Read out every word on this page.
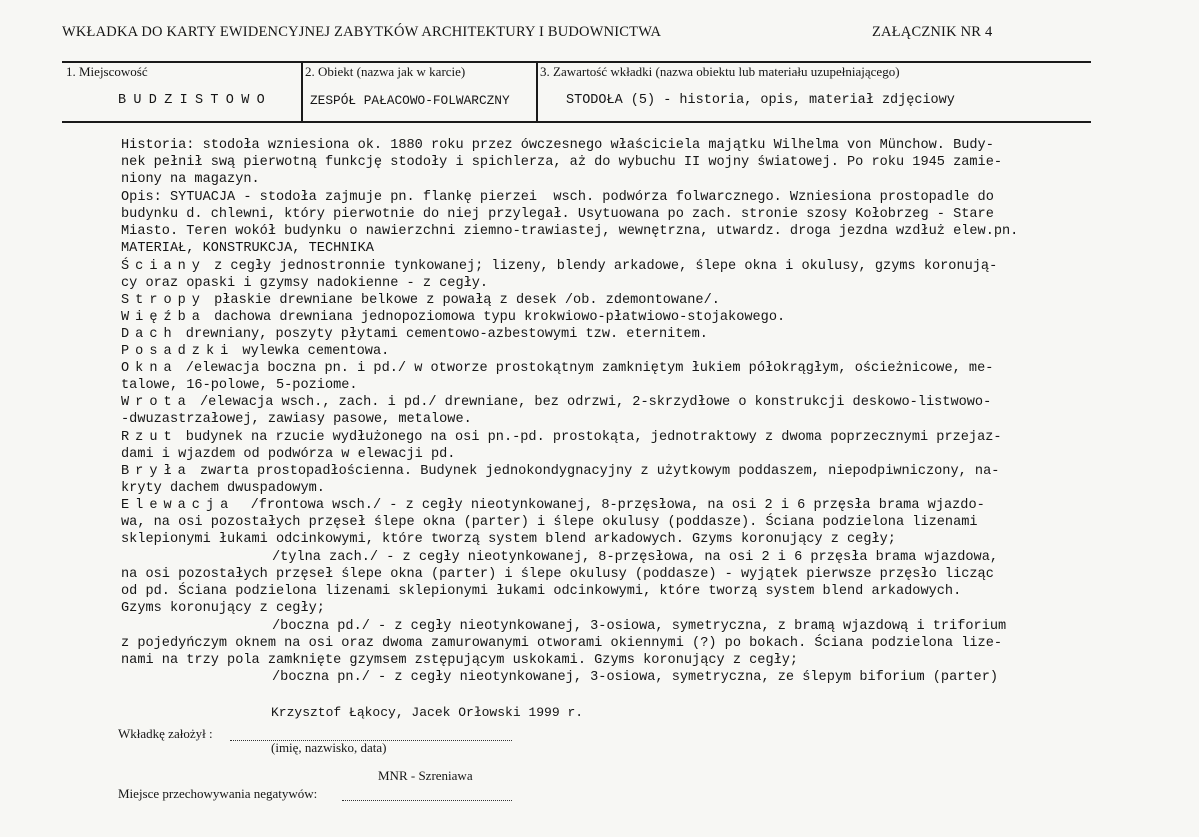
WKŁADKA DO KARTY EWIDENCYJNEJ ZABYTKÓW ARCHITEKTURY I BUDOWNICTWA	ZAŁĄCZNIK NR 4
1. Miejscowość
BUDZISTOWO
2. Obiekt (nazwa jak w karcie)
ZESPÓŁ PAŁACOWO-FOLWARCZNY
3. Zawartość wkładki (nazwa obiektu lub materiału uzupełniającego)
STODOŁA (5) - historia, opis, materiał zdjęciowy
Historia: stodoła wzniesiona ok. 1880 roku przez ówczesnego właściciela majątku Wilhelma von Münchow. Budy-
nek pełnił swą pierwotną funkcję stodoły i spichlerza, aż do wybuchu II wojny światowej. Po roku 1945 zamie-
niony na magazyn.
Opis: SYTUACJA - stodoła zajmuje pn. flankę pierzei  wsch. podwórza folwarcznego. Wzniesiona prostopadle do
budynku d. chlewni, który pierwotnie do niej przylegał. Usytuowana po zach. stronie szosy Kołobrzeg - Stare
Miasto. Teren wokół budynku o nawierzchni ziemno-trawiastej, wewnętrzna, utwardz. droga jezdna wzdłuż elew.pn.
MATERIAŁ, KONSTRUKCJA, TECHNIKA
Ściany z cegły jednostronnie tynkowanej; lizeny, blendy arkadowe, ślepe okna i okulusy, gzyms koronują-
cy oraz opaski i gzymsy nadokienne - z cegły.
Stropy płaskie drewniane belkowe z powałą z desek /ob. zdemontowane/.
Więźba dachowa drewniana jednopoziomowa typu krokwiowo-płatwiowo-stojakowego.
Dach drewniany, poszyty płytami cementowo-azbestowymi tzw. eternitem.
Posadzki wylewka cementowa.
Okna /elewacja boczna pn. i pd./ w otworze prostokątnym zamkniętym łukiem półokrągłym, ościeżnicowe, me-
talowe, 16-polowe, 5-poziome.
Wrota /elewacja wsch., zach. i pd./ drewniane, bez odrzwi, 2-skrzydłowe o konstrukcji deskowo-listwowo-
-dwuzastrzałowej, zawiasy pasowe, metalowe.
Rzut budynek na rzucie wydłużonego na osi pn.-pd. prostokąta, jednotraktowy z dwoma poprzecznymi przejaz-
dami i wjazdem od podwórza w elewacji pd.
Bryła zwarta prostopadłościenna. Budynek jednokondygnacyjny z użytkowym poddaszem, niepodpiwniczony, na-
kryty dachem dwuspadowym.
Elewacja  /frontowa wsch./ - z cegły nieotynkowanej, 8-przęsłowa, na osi 2 i 6 przęsła brama wjazdo-
wa, na osi pozostałych przęseł ślepe okna (parter) i ślepe okulusy (poddasze). Ściana podzielona lizenami
sklepionymi łukami odcinkowymi, które tworzą system blend arkadowych. Gzyms koronujący z cegły;
/tylna zach./ - z cegły nieotynkowanej, 8-przęsłowa, na osi 2 i 6 przęsła brama wjazdowa,
na osi pozostałych przęseł ślepe okna (parter) i ślepe okulusy (poddasze) - wyjątek pierwsze przęsło licząc
od pd. Ściana podzielona lizenami sklepionymi łukami odcinkowymi, które tworzą system blend arkadowych.
Gzyms koronujący z cegły;
/boczna pd./ - z cegły nieotynkowanej, 3-osiowa, symetryczna, z bramą wjazdową i triforium
z pojedyńczym oknem na osi oraz dwoma zamurowanymi otworami okiennymi (?) po bokach. Ściana podzielona lize-
nami na trzy pola zamknięte gzymsem zstępującym uskokami. Gzyms koronujący z cegły;
/boczna pn./ - z cegły nieotynkowanej, 3-osiowa, symetryczna, ze ślepym biforium (parter)
Krzysztof Łąkocy, Jacek Orłowski 1999 r.
Wkładkę założył :
(imię, nazwisko, data)
MNR - Szreniawa
Miejsce przechowywania negatywów:
